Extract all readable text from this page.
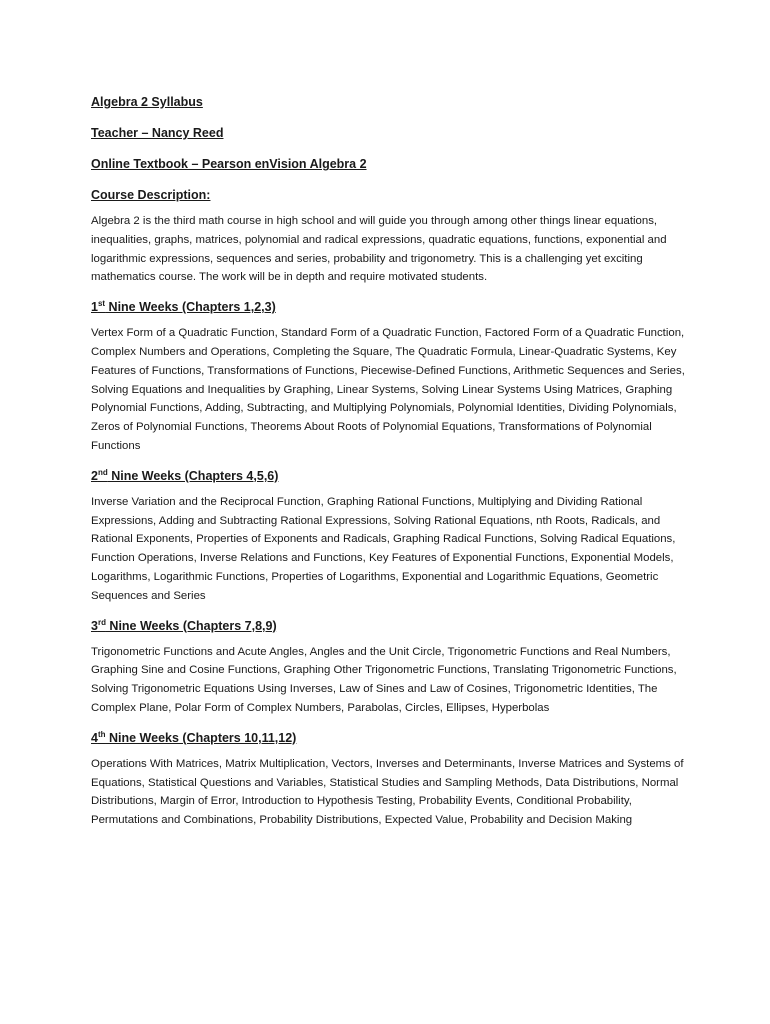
Algebra 2 Syllabus

Teacher – Nancy Reed

Online Textbook – Pearson enVision Algebra 2

Course Description:

Algebra 2 is the third math course in high school and will guide you through among other things linear equations, inequalities, graphs, matrices, polynomial and radical expressions, quadratic equations, functions, exponential and logarithmic expressions, sequences and series, probability and trigonometry. This is a challenging yet exciting mathematics course. The work will be in depth and require motivated students.

1st Nine Weeks (Chapters 1,2,3)

Vertex Form of a Quadratic Function, Standard Form of a Quadratic Function, Factored Form of a Quadratic Function, Complex Numbers and Operations, Completing the Square, The Quadratic Formula, Linear-Quadratic Systems, Key Features of Functions, Transformations of Functions, Piecewise-Defined Functions, Arithmetic Sequences and Series, Solving Equations and Inequalities by Graphing, Linear Systems, Solving Linear Systems Using Matrices, Graphing Polynomial Functions, Adding, Subtracting, and Multiplying Polynomials, Polynomial Identities, Dividing Polynomials, Zeros of Polynomial Functions, Theorems About Roots of Polynomial Equations, Transformations of Polynomial Functions

2nd Nine Weeks (Chapters 4,5,6)

Inverse Variation and the Reciprocal Function, Graphing Rational Functions, Multiplying and Dividing Rational Expressions, Adding and Subtracting Rational Expressions, Solving Rational Equations, nth Roots, Radicals, and Rational Exponents, Properties of Exponents and Radicals, Graphing Radical Functions, Solving Radical Equations, Function Operations, Inverse Relations and Functions, Key Features of Exponential Functions, Exponential Models, Logarithms, Logarithmic Functions, Properties of Logarithms, Exponential and Logarithmic Equations, Geometric Sequences and Series

3rd Nine Weeks (Chapters 7,8,9)

Trigonometric Functions and Acute Angles, Angles and the Unit Circle, Trigonometric Functions and Real Numbers, Graphing Sine and Cosine Functions, Graphing Other Trigonometric Functions, Translating Trigonometric Functions, Solving Trigonometric Equations Using Inverses, Law of Sines and Law of Cosines, Trigonometric Identities, The Complex Plane, Polar Form of Complex Numbers, Parabolas, Circles, Ellipses, Hyperbolas

4th Nine Weeks (Chapters 10,11,12)

Operations With Matrices, Matrix Multiplication, Vectors, Inverses and Determinants, Inverse Matrices and Systems of Equations, Statistical Questions and Variables, Statistical Studies and Sampling Methods, Data Distributions, Normal Distributions, Margin of Error, Introduction to Hypothesis Testing, Probability Events, Conditional Probability, Permutations and Combinations, Probability Distributions, Expected Value, Probability and Decision Making
